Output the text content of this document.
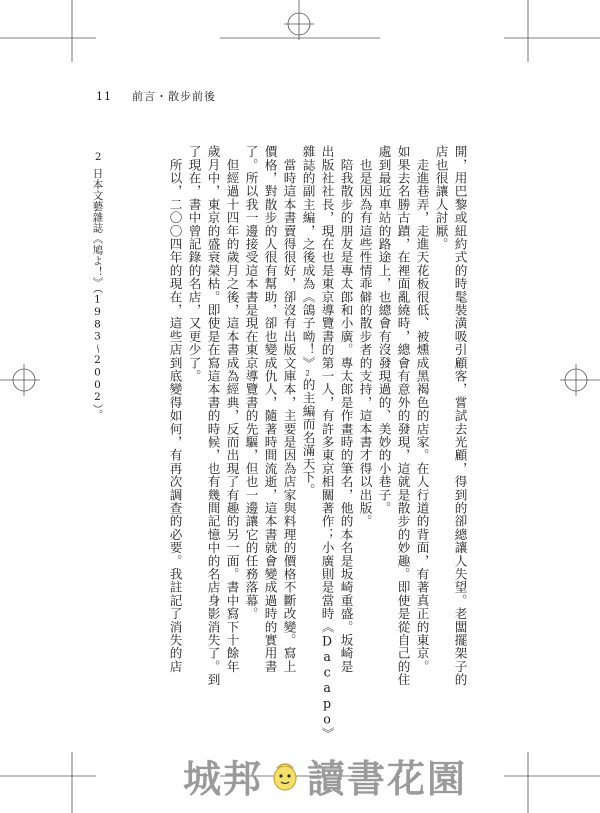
11 前言・散步前後
開，用巴黎或紐約式的時髦裝潢吸引顧客，嘗試去光顧，得到的卻總讓人失望。老闆擺架子的
店也很讓人討厭。
　走進巷弄，走進天花板很低、被燻成黑褐色的店家。在人行道的背面，有著真正的東京。
如果去名勝古蹟，在裡面亂繞時，總會有意外的發現，這就是散步的妙趣。即使是從自己的住
處到最近車站的路途上，也總會有沒發現過的、美妙的小巷子。
　也是因為有這些性情乖僻的散步者的支持，這本書才得以出版。
　陪我散步的朋友是專太郎和小廣。專太郎是作畫時的筆名，他的本名是坂崎重盛。坂崎是
出版社社長，現在也是東京導覽書的第一人，有許多東京相關著作；小廣則是當時《Dacapo》
雜誌的副主編，之後成為《鴿子呦！》2的主編而名滿天下。
　當時這本書賣得很好，卻沒有出版文庫本，主要是因為店家與料理的價格不斷改變。寫上
價格，對散步的人很有幫助，卻也變成仇人，隨著時間流逝，這本書就會變成過時的實用書
了。所以我一邊接受這本書是現在東京導覽書的先驅，但也一邊讓它的任務落幕。
　但經過十四年的歲月之後，這本書成為經典，反而出現了有趣的另一面。書中寫下十餘年
歲月中，東京的盛衰榮枯。即使是在寫這本書的時候，也有幾間記憶中的名店身影消失了。到
了現在，書中曾記錄的名店，又更少了。
　所以，二〇〇四年的現在，這些店到底變得如何，有再次調查的必要。我註記了消失的店
2
日本文藝雜誌《鳩よ！》（1983～2002）。
城邦 讀書花園
